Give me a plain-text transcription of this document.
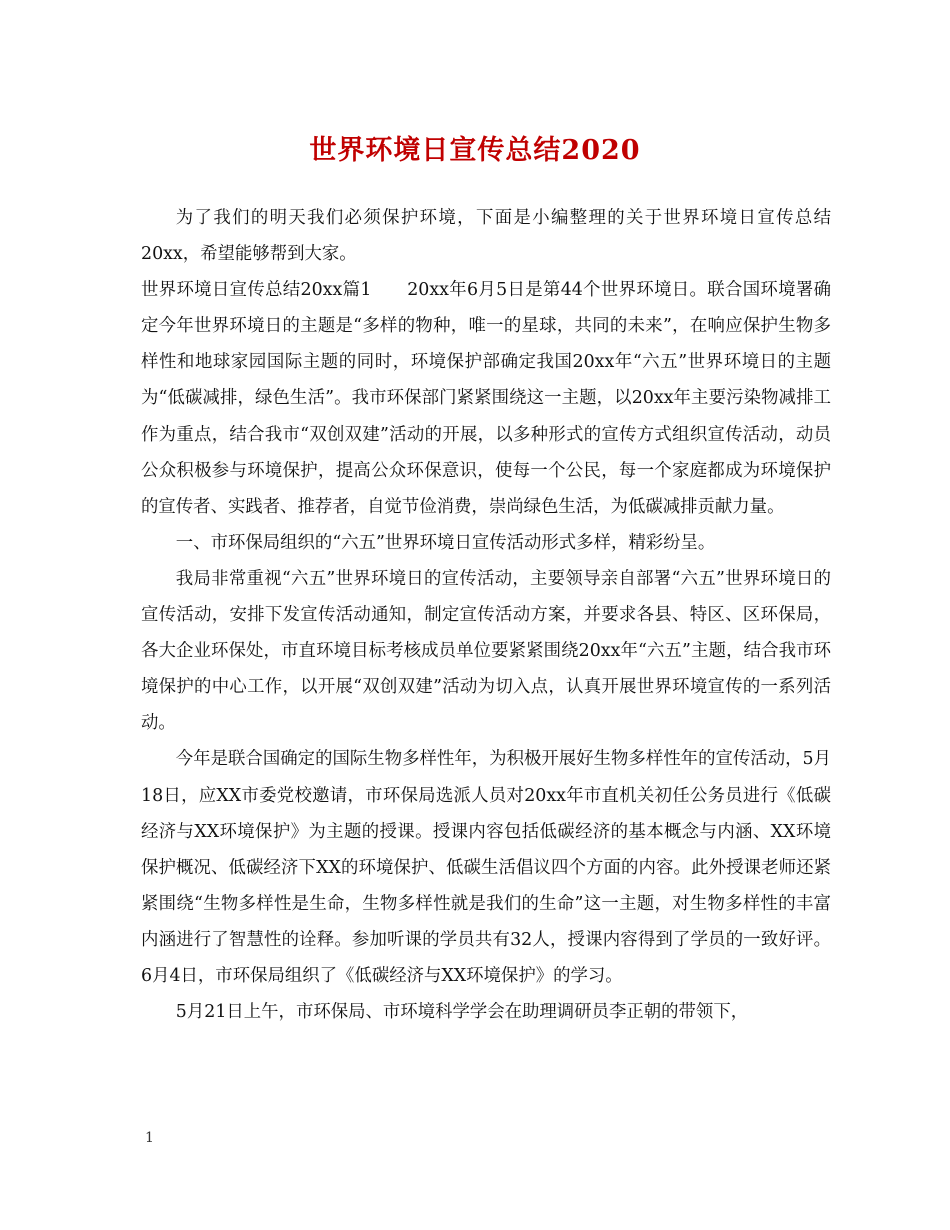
世界环境日宣传总结2020

为了我们的明天我们必须保护环境，下面是小编整理的关于世界环境日宣传总结20xx，希望能够帮到大家。

世界环境日宣传总结20xx篇1　　20xx年6月5日是第44个世界环境日。联合国环境署确定今年世界环境日的主题是“多样的物种，唯一的星球，共同的未来”，在响应保护生物多样性和地球家园国际主题的同时，环境保护部确定我国20xx年“六五”世界环境日的主题为“低碳减排，绿色生活”。我市环保部门紧紧围绕这一主题，以20xx年主要污染物减排工作为重点，结合我市“双创双建”活动的开展，以多种形式的宣传方式组织宣传活动，动员公众积极参与环境保护，提高公众环保意识，使每一个公民，每一个家庭都成为环境保护的宣传者、实践者、推荐者，自觉节俭消费，崇尚绿色生活，为低碳减排贡献力量。

一、市环保局组织的“六五”世界环境日宣传活动形式多样，精彩纷呈。

我局非常重视“六五”世界环境日的宣传活动，主要领导亲自部署“六五”世界环境日的宣传活动，安排下发宣传活动通知，制定宣传活动方案，并要求各县、特区、区环保局，各大企业环保处，市直环境目标考核成员单位要紧紧围绕20xx年“六五”主题，结合我市环境保护的中心工作，以开展“双创双建”活动为切入点，认真开展世界环境宣传的一系列活动。

今年是联合国确定的国际生物多样性年，为积极开展好生物多样性年的宣传活动，5月18日，应XX市委党校邀请，市环保局选派人员对20xx年市直机关初任公务员进行《低碳经济与XX环境保护》为主题的授课。授课内容包括低碳经济的基本概念与内涵、XX环境保护概况、低碳经济下XX的环境保护、低碳生活倡议四个方面的内容。此外授课老师还紧紧围绕“生物多样性是生命，生物多样性就是我们的生命”这一主题，对生物多样性的丰富内涵进行了智慧性的诠释。参加听课的学员共有32人，授课内容得到了学员的一致好评。6月4日，市环保局组织了《低碳经济与XX环境保护》的学习。

5月21日上午，市环保局、市环境科学学会在助理调研员李正朝的带领下，

1
